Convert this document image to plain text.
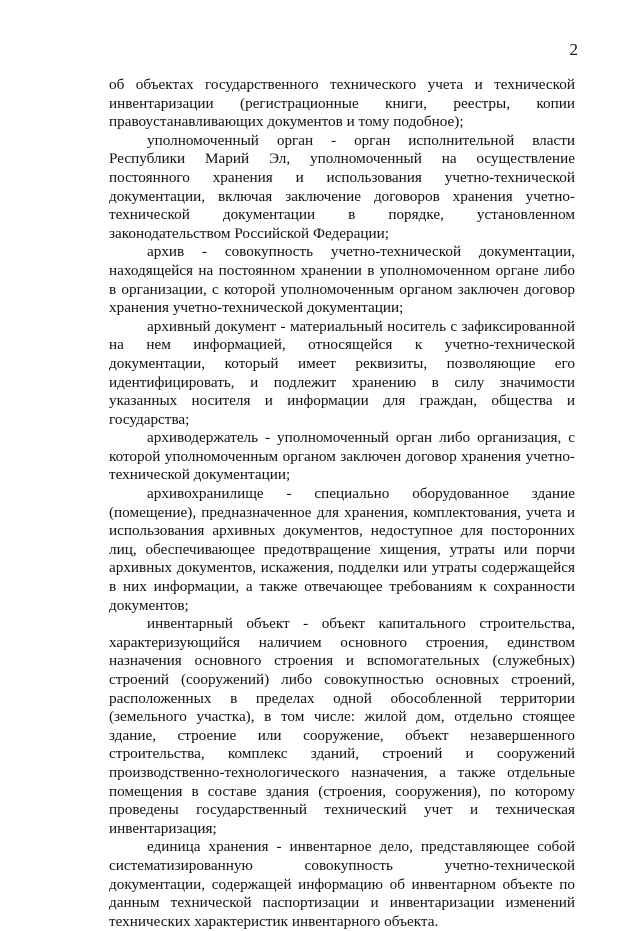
2

об объектах государственного технического учета и технической инвентаризации (регистрационные книги, реестры, копии правоустанавливающих документов и тому подобное);

уполномоченный орган - орган исполнительной власти Республики Марий Эл, уполномоченный на осуществление постоянного хранения и использования учетно-технической документации, включая заключение договоров хранения учетно-технической документации в порядке, установленном законодательством Российской Федерации;

архив - совокупность учетно-технической документации, находящейся на постоянном хранении в уполномоченном органе либо в организации, с которой уполномоченным органом заключен договор хранения учетно-технической документации;

архивный документ - материальный носитель с зафиксированной на нем информацией, относящейся к учетно-технической документации, который имеет реквизиты, позволяющие его идентифицировать, и подлежит хранению в силу значимости указанных носителя и информации для граждан, общества и государства;

архиводержатель - уполномоченный орган либо организация, с которой уполномоченным органом заключен договор хранения учетно-технической документации;

архивохранилище - специально оборудованное здание (помещение), предназначенное для хранения, комплектования, учета и использования архивных документов, недоступное для посторонних лиц, обеспечивающее предотвращение хищения, утраты или порчи архивных документов, искажения, подделки или утраты содержащейся в них информации, а также отвечающее требованиям к сохранности документов;

инвентарный объект - объект капитального строительства, характеризующийся наличием основного строения, единством назначения основного строения и вспомогательных (служебных) строений (сооружений) либо совокупностью основных строений, расположенных в пределах одной обособленной территории (земельного участка), в том числе: жилой дом, отдельно стоящее здание, строение или сооружение, объект незавершенного строительства, комплекс зданий, строений и сооружений производственно-технологического назначения, а также отдельные помещения в составе здания (строения, сооружения), по которому проведены государственный технический учет и техническая инвентаризация;

единица хранения - инвентарное дело, представляющее собой систематизированную совокупность учетно-технической документации, содержащей информацию об инвентарном объекте по данным технической паспортизации и инвентаризации изменений технических характеристик инвентарного объекта.
